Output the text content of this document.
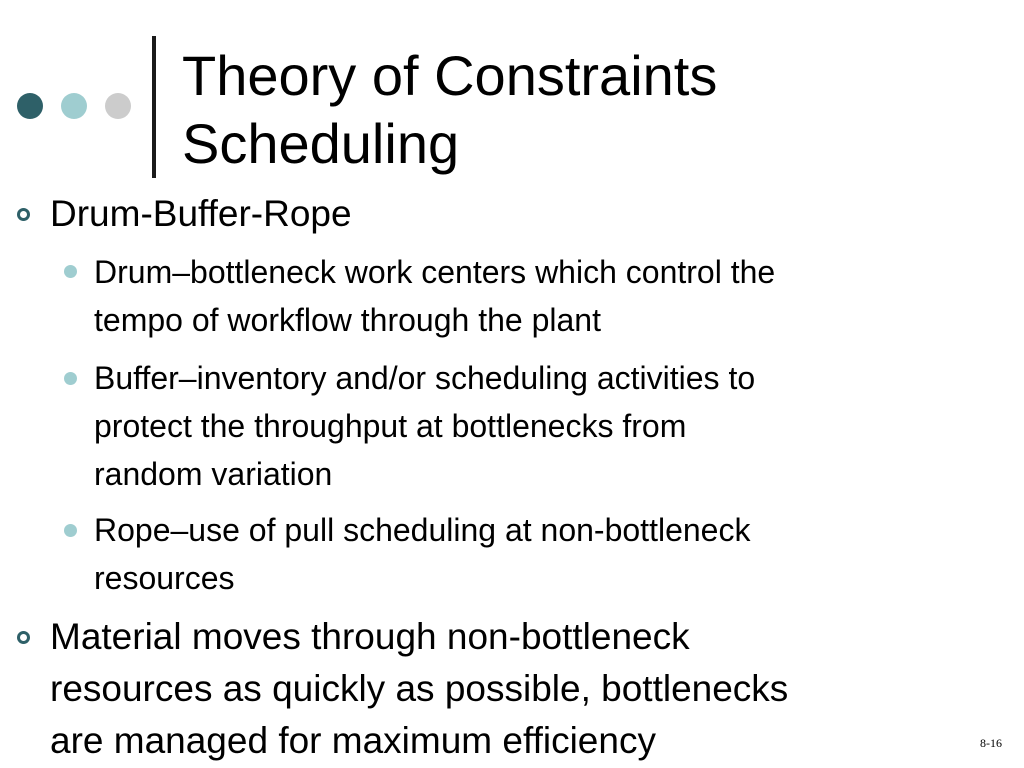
Theory of Constraints
Scheduling
Drum-Buffer-Rope
Drum–bottleneck work centers which control the
tempo of workflow through the plant
Buffer–inventory and/or scheduling activities to
protect the throughput at bottlenecks from
random variation
Rope–use of pull scheduling at non-bottleneck
resources
Material moves through non-bottleneck
resources as quickly as possible, bottlenecks
are managed for maximum efficiency	8-16
